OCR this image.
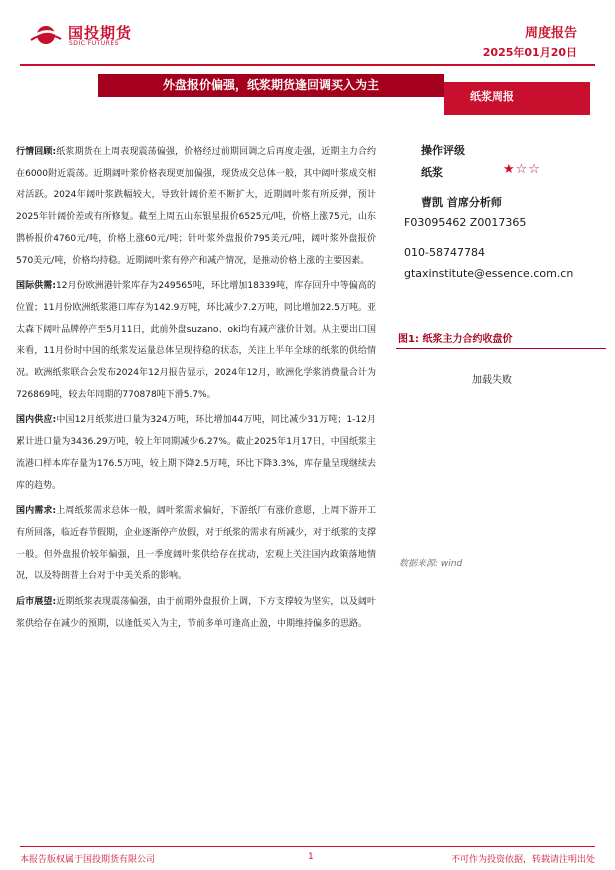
国投期货
SDIC FUTURES
周度报告
2025年01月20日
外盘报价偏强，纸浆期货逢回调买入为主
纸浆周报

行情回顾:纸浆期货在上周表现震荡偏强，价格经过前期回调之后再度走强，近期主力合约在6000附近震荡。近期阔叶浆价格表现更加偏强，现货成交总体一般，其中阔叶浆成交相对活跃。2024年阔叶浆跌幅较大，导致针阔价差不断扩大，近期阔叶浆有所反弹，预计2025年针阔价差或有所修复。截至上周五山东银星报价6525元/吨，价格上涨75元，山东鹊桥报价4760元/吨，价格上涨60元/吨；针叶浆外盘报价795美元/吨，阔叶浆外盘报价570美元/吨，价格均持稳。近期阔叶浆有停产和减产情况，是推动价格上涨的主要因素。

国际供需:12月份欧洲港针浆库存为249565吨，环比增加18339吨，库存回升中等偏高的位置；11月份欧洲纸浆港口库存为142.9万吨，环比减少7.2万吨，同比增加22.5万吨。亚太森下阔叶品牌停产至5月11日，此前外盘suzano、oki均有减产涨价计划。从主要出口国来看，11月份时中国的纸浆发运量总体呈现持稳的状态，关注上半年全球的纸浆的供给情况。欧洲纸浆联合会发布2024年12月报告显示，2024年12月，欧洲化学浆消费量合计为726869吨，较去年同期的770878吨下滑5.7%。

国内供应:中国12月纸浆进口量为324万吨，环比增加44万吨，同比减少31万吨；1-12月累计进口量为3436.29万吨，较上年同期减少6.27%。截止2025年1月17日，中国纸浆主流港口样本库存量为176.5万吨，较上期下降2.5万吨，环比下降3.3%，库存量呈现继续去库的趋势。

国内需求:上周纸浆需求总体一般，阔叶浆需求偏好，下游纸厂有涨价意愿，上周下游开工有所回落，临近春节假期，企业逐渐停产放假，对于纸浆的需求有所减少，对于纸浆的支撑一般。但外盘报价较年偏强，且一季度阔叶浆供给存在扰动，宏观上关注国内政策落地情况，以及特朗普上台对于中美关系的影响。

后市展望:近期纸浆表现震荡偏强，由于前期外盘报价上调，下方支撑较为坚实，以及阔叶浆供给存在减少的预期，以逢低买入为主，节前多单可逢高止盈，中期维持偏多的思路。

操作评级
纸浆	★☆☆
曹凯 首席分析师
F03095462 Z0017365
010-58747784
gtaxinstitute@essence.com.cn
图1: 纸浆主力合约收盘价
加载失败
数据来源: wind
本报告版权属于国投期货有限公司	1	不可作为投资依据，转载请注明出处
